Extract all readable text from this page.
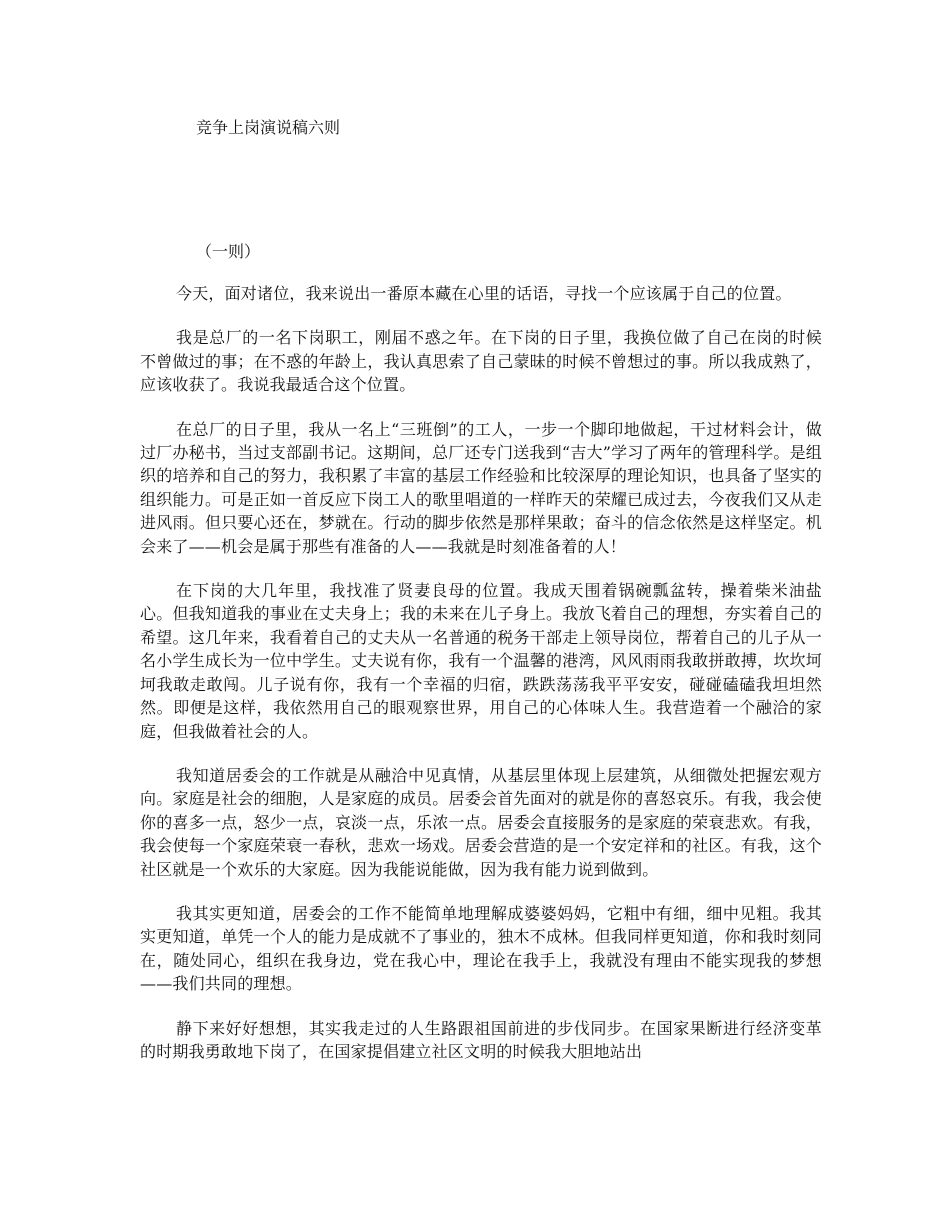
竞争上岗演说稿六则
（一则）

今天，面对诸位，我来说出一番原本藏在心里的话语，寻找一个应该属于自己的位置。

我是总厂的一名下岗职工，刚届不惑之年。在下岗的日子里，我换位做了自己在岗的时候不曾做过的事；在不惑的年龄上，我认真思索了自己蒙昧的时候不曾想过的事。所以我成熟了，应该收获了。我说我最适合这个位置。

在总厂的日子里，我从一名上“三班倒”的工人，一步一个脚印地做起，干过材料会计，做过厂办秘书，当过支部副书记。这期间，总厂还专门送我到“吉大”学习了两年的管理科学。是组织的培养和自己的努力，我积累了丰富的基层工作经验和比较深厚的理论知识，也具备了坚实的组织能力。可是正如一首反应下岗工人的歌里唱道的一样昨天的荣耀已成过去，今夜我们又从走进风雨。但只要心还在，梦就在。行动的脚步依然是那样果敢；奋斗的信念依然是这样坚定。机会来了——机会是属于那些有准备的人——我就是时刻准备着的人！

在下岗的大几年里，我找准了贤妻良母的位置。我成天围着锅碗瓢盆转，操着柴米油盐心。但我知道我的事业在丈夫身上；我的未来在儿子身上。我放飞着自己的理想，夯实着自己的希望。这几年来，我看着自己的丈夫从一名普通的税务干部走上领导岗位，帮着自己的儿子从一名小学生成长为一位中学生。丈夫说有你，我有一个温馨的港湾，风风雨雨我敢拼敢搏，坎坎坷坷我敢走敢闯。儿子说有你，我有一个幸福的归宿，跌跌荡荡我平平安安，碰碰磕磕我坦坦然然。即便是这样，我依然用自己的眼观察世界，用自己的心体味人生。我营造着一个融洽的家庭，但我做着社会的人。

我知道居委会的工作就是从融洽中见真情，从基层里体现上层建筑，从细微处把握宏观方向。家庭是社会的细胞，人是家庭的成员。居委会首先面对的就是你的喜怒哀乐。有我，我会使你的喜多一点，怒少一点，哀淡一点，乐浓一点。居委会直接服务的是家庭的荣衰悲欢。有我，我会使每一个家庭荣衰一春秋，悲欢一场戏。居委会营造的是一个安定祥和的社区。有我，这个社区就是一个欢乐的大家庭。因为我能说能做，因为我有能力说到做到。

我其实更知道，居委会的工作不能简单地理解成婆婆妈妈，它粗中有细，细中见粗。我其实更知道，单凭一个人的能力是成就不了事业的，独木不成林。但我同样更知道，你和我时刻同在，随处同心，组织在我身边，党在我心中，理论在我手上，我就没有理由不能实现我的梦想——我们共同的理想。

静下来好好想想，其实我走过的人生路跟祖国前进的步伐同步。在国家果断进行经济变革的时期我勇敢地下岗了，在国家提倡建立社区文明的时候我大胆地站出
